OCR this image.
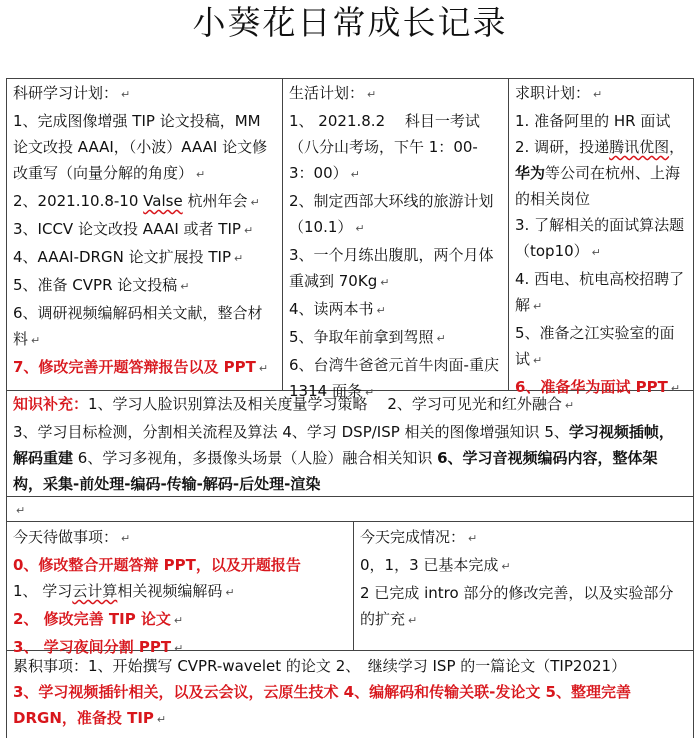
小葵花日常成长记录

科研学习计划： ↵

1、完成图像增强 TIP 论文投稿，MM 论文改投 AAAI，（小波）AAAI 论文修改重写（向量分解的角度） ↵

2、2021.10.8-10 Valse 杭州年会 ↵

3、ICCV 论文改投 AAAI 或者 TIP ↵

4、AAAI-DRGN 论文扩展投 TIP ↵

5、准备 CVPR 论文投稿 ↵

6、调研视频编解码相关文献，整合材料 ↵

7、修改完善开题答辩报告以及 PPT ↵

生活计划： ↵

1、 2021.8.2　 科目一考试（八分山考场，下午 1：00-3：00） ↵

2、制定西部大环线的旅游计划（10.1） ↵

3、一个月练出腹肌，两个月体重减到 70Kg ↵

4、读两本书 ↵

5、争取年前拿到驾照 ↵

6、台湾牛爸爸元首牛肉面-重庆 1314 面条 ↵

求职计划： ↵

1. 准备阿里的 HR 面试

2. 调研，投递腾讯优图，华为等公司在杭州、上海的相关岗位

3. 了解相关的面试算法题（top10） ↵

4. 西电、杭电高校招聘了解 ↵

5、准备之江实验室的面试 ↵

6、准备华为面试 PPT ↵

知识补充：1、学习人脸识别算法及相关度量学习策略　 2、学习可见光和红外融合 ↵

3、学习目标检测，分割相关流程及算法 4、学习 DSP/ISP 相关的图像增强知识 5、学习视频插帧，解码重建 6、学习多视角，多摄像头场景（人脸）融合相关知识 6、学习音视频编码内容，整体架构，采集-前处理-编码-传输-解码-后处理-渲染

↵

今天待做事项： ↵

0、修改整合开题答辩 PPT，以及开题报告

1、 学习云计算相关视频编解码 ↵

2、 修改完善 TIP 论文 ↵

3、 学习夜间分割 PPT ↵

今天完成情况： ↵

0，1，3 已基本完成 ↵

2 已完成 intro 部分的修改完善，以及实验部分的扩充 ↵

累积事项：1、开始撰写 CVPR-wavelet 的论文 2、　继续学习 ISP 的一篇论文（TIP2021）

3、学习视频插针相关，以及云会议，云原生技术 4、编解码和传输关联-发论文 5、整理完善 DRGN，准备投 TIP ↵
